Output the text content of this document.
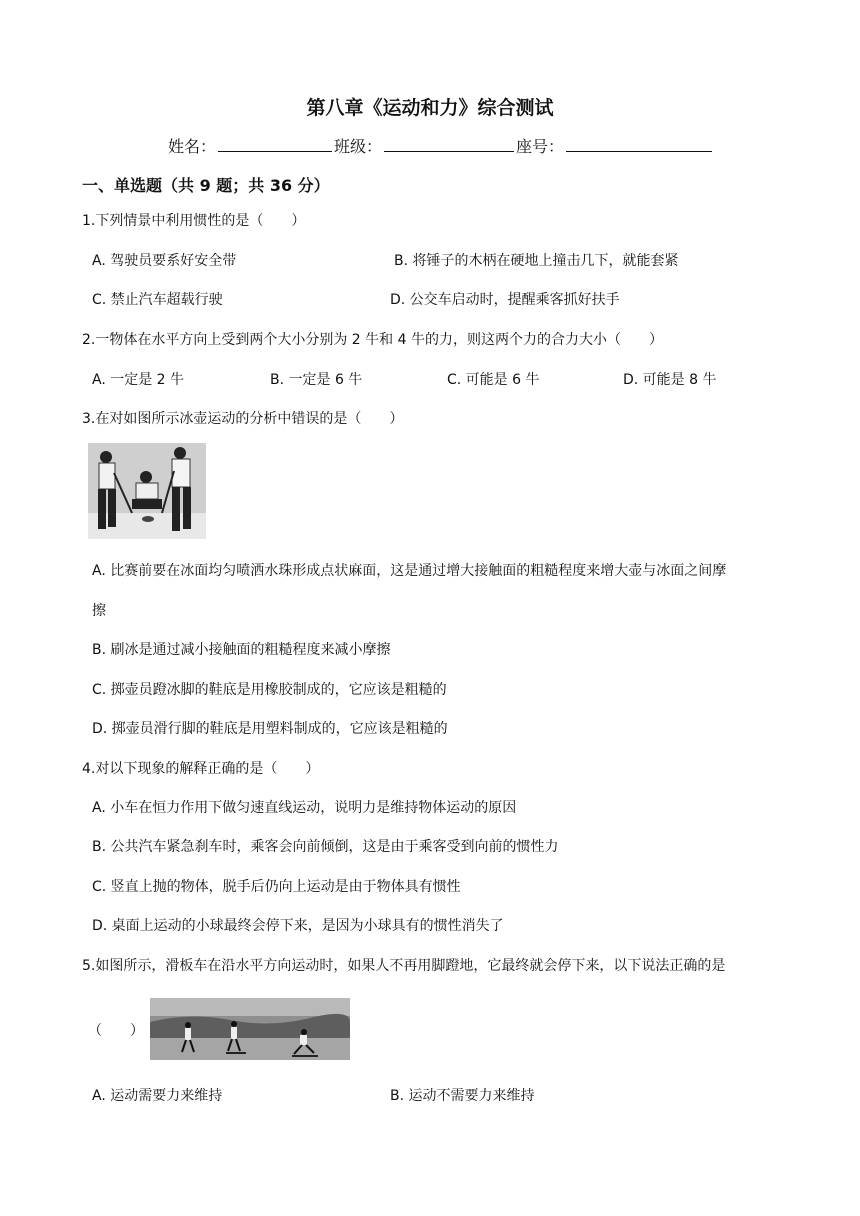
第八章《运动和力》综合测试
姓名：	班级：	座号：
一、单选题（共 9 题；共 36 分）
1.下列情景中利用惯性的是（　　）
A. 驾驶员要系好安全带	B. 将锤子的木柄在硬地上撞击几下，就能套紧
C. 禁止汽车超载行驶	D. 公交车启动时，提醒乘客抓好扶手
2.一物体在水平方向上受到两个大小分别为 2 牛和 4 牛的力，则这两个力的合力大小（　　）
A. 一定是 2 牛	B. 一定是 6 牛	C. 可能是 6 牛	D. 可能是 8 牛
3.在对如图所示冰壶运动的分析中错误的是（　　）
A. 比赛前要在冰面均匀喷洒水珠形成点状麻面，这是通过增大接触面的粗糙程度来增大壶与冰面之间摩
擦
B. 刷冰是通过减小接触面的粗糙程度来减小摩擦
C. 掷壶员蹬冰脚的鞋底是用橡胶制成的，它应该是粗糙的
D. 掷壶员滑行脚的鞋底是用塑料制成的，它应该是粗糙的
4.对以下现象的解释正确的是（　　）
A. 小车在恒力作用下做匀速直线运动，说明力是维持物体运动的原因
B. 公共汽车紧急刹车时，乘客会向前倾倒，这是由于乘客受到向前的惯性力
C. 竖直上抛的物体，脱手后仍向上运动是由于物体具有惯性
D. 桌面上运动的小球最终会停下来，是因为小球具有的惯性消失了
5.如图所示，滑板车在沿水平方向运动时，如果人不再用脚蹬地，它最终就会停下来，以下说法正确的是
（　　）
A. 运动需要力来维持	B. 运动不需要力来维持
